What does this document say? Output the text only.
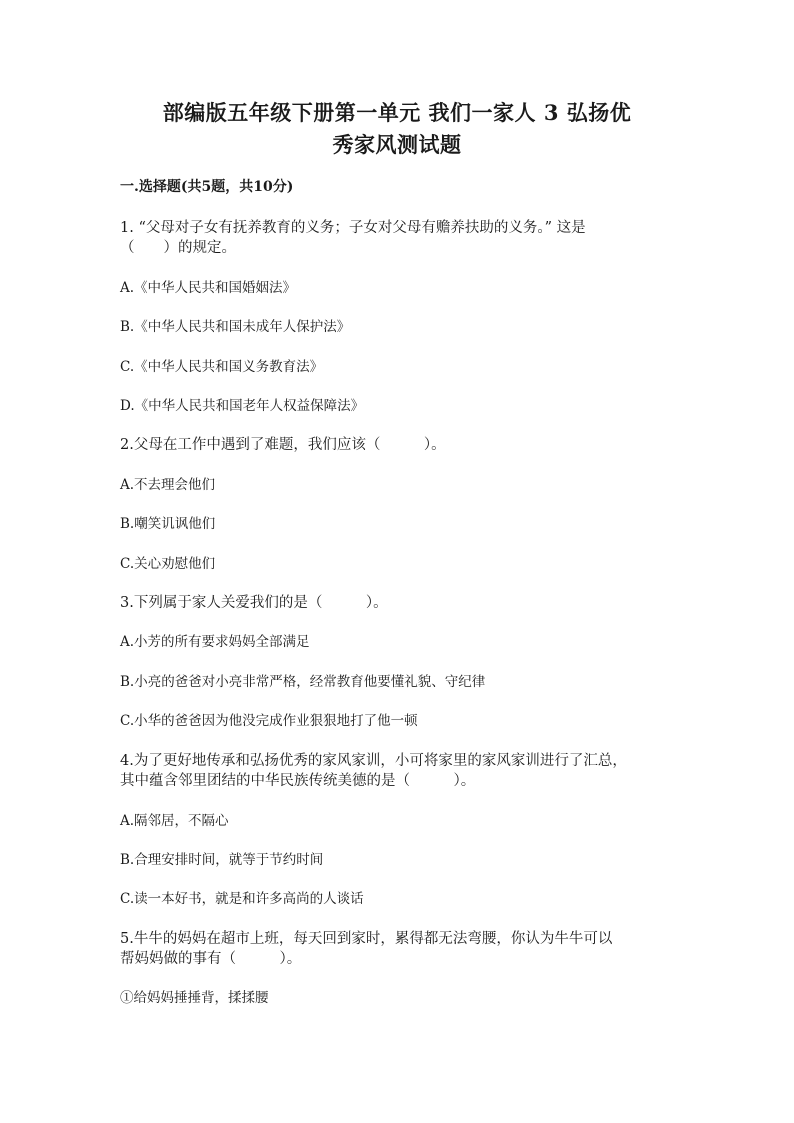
部编版五年级下册第一单元 我们一家人 3 弘扬优
秀家风测试题
一.选择题(共5题，共10分)
1. “父母对子女有抚养教育的义务；子女对父母有赡养扶助的义务。” 这是
（　　）的规定。
A.《中华人民共和国婚姻法》
B.《中华人民共和国未成年人保护法》
C.《中华人民共和国义务教育法》
D.《中华人民共和国老年人权益保障法》
2.父母在工作中遇到了难题，我们应该（　　　）。
A.不去理会他们
B.嘲笑讥讽他们
C.关心劝慰他们
3.下列属于家人关爱我们的是（　　　）。
A.小芳的所有要求妈妈全部满足
B.小亮的爸爸对小亮非常严格，经常教育他要懂礼貌、守纪律
C.小华的爸爸因为他没完成作业狠狠地打了他一顿
4.为了更好地传承和弘扬优秀的家风家训，小可将家里的家风家训进行了汇总，
其中蕴含邻里团结的中华民族传统美德的是（　　　）。
A.隔邻居，不隔心
B.合理安排时间，就等于节约时间
C.读一本好书，就是和许多高尚的人谈话
5.牛牛的妈妈在超市上班，每天回到家时，累得都无法弯腰，你认为牛牛可以
帮妈妈做的事有（　　　）。
①给妈妈捶捶背，揉揉腰
